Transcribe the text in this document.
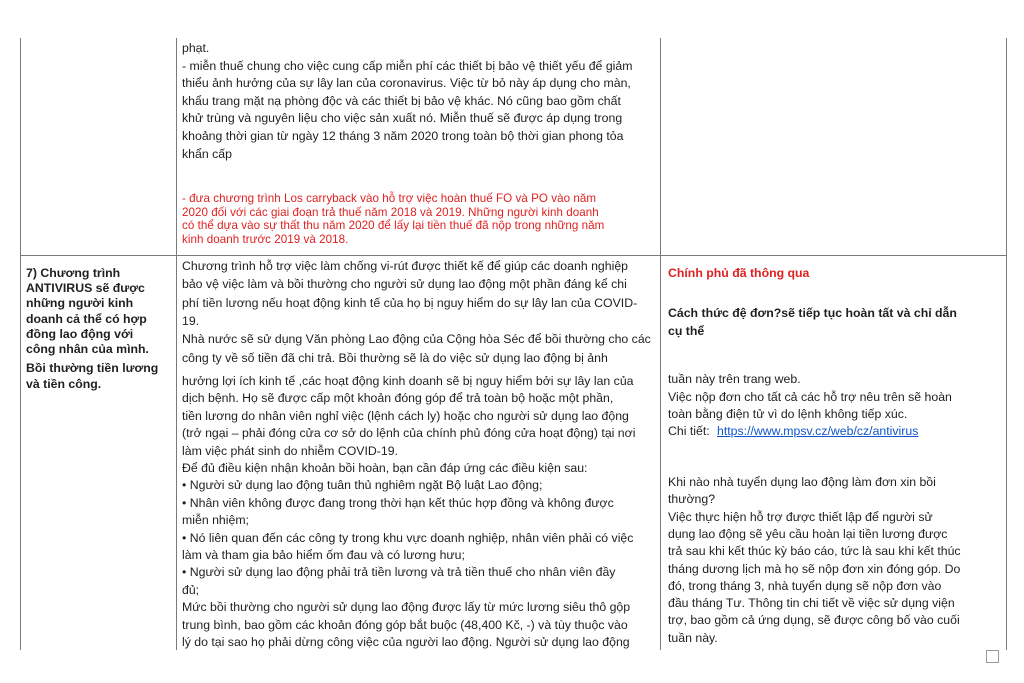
phạt.
- miễn thuế chung cho việc cung cấp miễn phí các thiết bị bảo vệ thiết yếu để giảm
thiểu ảnh hưởng của sự lây lan của coronavirus. Việc từ bỏ này áp dụng cho màn,
khẩu trang mặt nạ phòng độc và các thiết bị bảo vệ khác. Nó cũng bao gồm chất
khử trùng và nguyên liệu cho việc sản xuất nó. Miễn thuế sẽ được áp dụng trong
khoảng thời gian từ ngày 12 tháng 3 năm 2020 trong toàn bộ thời gian phong tỏa
khẩn cấp
- đưa chương trình Los carryback vào hỗ trợ việc hoàn thuế FO và PO vào năm
2020 đối với các giai đoạn trả thuế năm 2018 và 2019. Những người kinh doanh
có thể dựa vào sự thất thu năm 2020 để lấy lại tiền thuế đã nộp trong những năm
kinh doanh trước 2019 và 2018.
7) Chương trình
ANTIVIRUS sẽ được
những người kinh
doanh cả thể có hợp
đồng lao động với
công nhân của mình.
Bồi thường tiền lương
và tiền công.
Chương trình hỗ trợ việc làm chống vi-rút được thiết kế để giúp các doanh nghiệp
bảo vệ việc làm và bồi thường cho người sử dụng lao động một phần đáng kể chi
phí tiền lương nếu hoạt động kinh tế của họ bị nguy hiểm do sự lây lan của COVID-
19.
Nhà nước sẽ sử dụng Văn phòng Lao động của Cộng hòa Séc để bồi thường cho các
công ty về số tiền đã chi trả. Bồi thường sẽ là do việc sử dụng lao động bị ảnh
hưởng lợi ích kinh tế ,các hoạt động kinh doanh sẽ bị nguy hiểm bởi sự lây lan của
dịch bệnh. Họ sẽ được cấp một khoản đóng góp để trả toàn bộ hoặc một phần,
tiền lương do nhân viên nghỉ việc (lệnh cách ly) hoặc cho người sử dụng lao động
(trở ngại – phải đóng cửa cơ sở do lệnh của chính phủ đóng cửa hoạt động) tại nơi
làm việc phát sinh do nhiễm COVID-19.
Để đủ điều kiện nhận khoản bồi hoàn, bạn cần đáp ứng các điều kiện sau:
• Người sử dụng lao động tuân thủ nghiêm ngặt Bộ luật Lao động;
• Nhân viên không được đang trong thời hạn kết thúc hợp đồng và không được
miễn nhiệm;
• Nó liên quan đến các công ty trong khu vực doanh nghiệp, nhân viên phải có việc
làm và tham gia bảo hiểm ốm đau và có lương hưu;
• Người sử dụng lao động phải trả tiền lương và trả tiền thuế cho nhân viên đầy
đủ;
Mức bồi thường cho người sử dụng lao động được lấy từ mức lương siêu thô gộp
trung bình, bao gồm các khoản đóng góp bắt buộc (48,400 Kč, -) và tùy thuộc vào
lý do tại sao họ phải dừng công việc của người lao động. Người sử dụng lao động
Chính phủ đã thông qua
Cách thức đệ đơn?sẽ tiếp tục hoàn tất và chỉ dẫn
cụ thể
tuần này trên trang web.
Việc nộp đơn cho tất cả các hỗ trợ nêu trên sẽ hoàn
toàn bằng điện tử vì do lệnh không tiếp xúc.
Chi tiết: https://www.mpsv.cz/web/cz/antivirus
Khi nào nhà tuyển dụng lao động làm đơn xin bồi
thường?
Việc thực hiện hỗ trợ được thiết lập để người sử
dụng lao động sẽ yêu cầu hoàn lại tiền lương được
trả sau khi kết thúc kỳ báo cáo, tức là sau khi kết thúc
tháng dương lịch mà họ sẽ nộp đơn xin đóng góp. Do
đó, trong tháng 3, nhà tuyển dụng sẽ nộp đơn vào
đầu tháng Tư. Thông tin chi tiết về việc sử dụng viện
trợ, bao gồm cả ứng dụng, sẽ được công bố vào cuối
tuần này.
